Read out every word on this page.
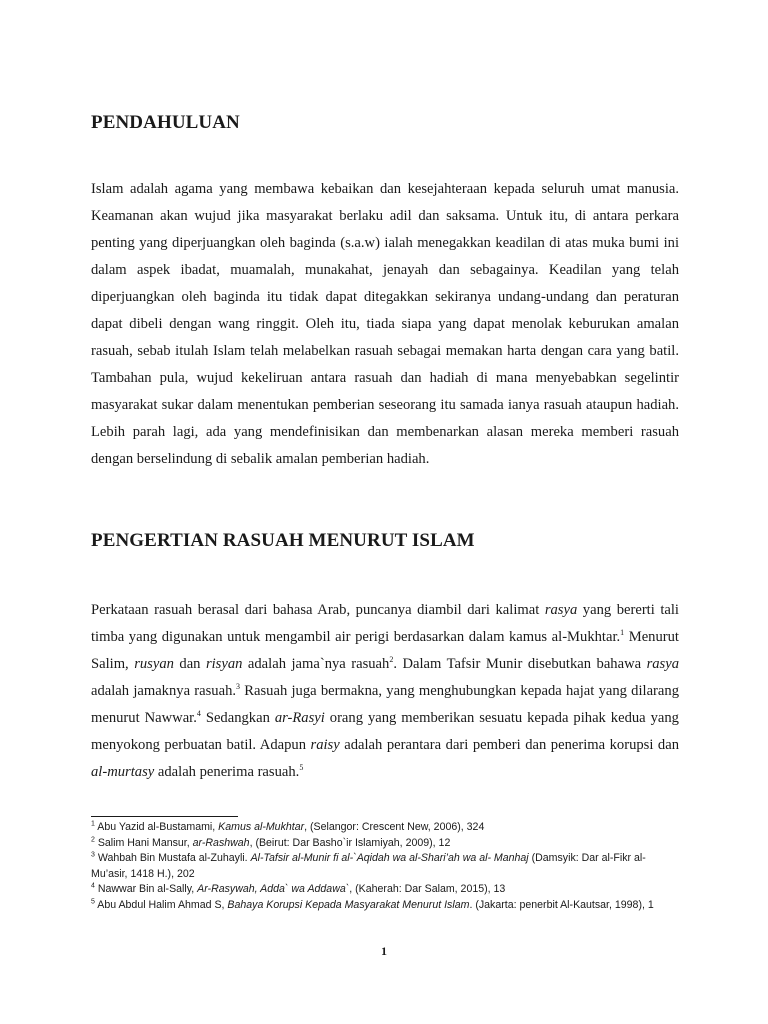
PENDAHULUAN

Islam adalah agama yang membawa kebaikan dan kesejahteraan kepada seluruh umat manusia. Keamanan akan wujud jika masyarakat berlaku adil dan saksama. Untuk itu, di antara perkara penting yang diperjuangkan oleh baginda (s.a.w) ialah menegakkan keadilan di atas muka bumi ini dalam aspek ibadat, muamalah, munakahat, jenayah dan sebagainya. Keadilan yang telah diperjuangkan oleh baginda itu tidak dapat ditegakkan sekiranya undang-undang dan peraturan dapat dibeli dengan wang ringgit. Oleh itu, tiada siapa yang dapat menolak keburukan amalan rasuah, sebab itulah Islam telah melabelkan rasuah sebagai memakan harta dengan cara yang batil. Tambahan pula, wujud kekeliruan antara rasuah dan hadiah di mana menyebabkan segelintir masyarakat sukar dalam menentukan pemberian seseorang itu samada ianya rasuah ataupun hadiah. Lebih parah lagi, ada yang mendefinisikan dan membenarkan alasan mereka memberi rasuah dengan berselindung di sebalik amalan pemberian hadiah.

PENGERTIAN RASUAH MENURUT ISLAM

Perkataan rasuah berasal dari bahasa Arab, puncanya diambil dari kalimat rasya yang bererti tali timba yang digunakan untuk mengambil air perigi berdasarkan dalam kamus al-Mukhtar.$^1$ Menurut Salim, rusyan dan risyan adalah jama`nya rasuah$^2$. Dalam Tafsir Munir disebutkan bahawa rasya adalah jamaknya rasuah.$^3$ Rasuah juga bermakna, yang menghubungkan kepada hajat yang dilarang menurut Nawwar.$^4$ Sedangkan ar-Rasyi orang yang memberikan sesuatu kepada pihak kedua yang menyokong perbuatan batil. Adapun raisy adalah perantara dari pemberi dan penerima korupsi dan al-murtasy adalah penerima rasuah.$^5$

$^1$ Abu Yazid al-Bustamami, Kamus al-Mukhtar, (Selangor: Crescent New, 2006), 324

$^2$ Salim Hani Mansur, ar-Rashwah, (Beirut: Dar Basho`ir Islamiyah, 2009), 12

$^3$ Wahbah Bin Mustafa al-Zuhayli. Al-Tafsir al-Munir fi al-`Aqidah wa al-Shari’ah wa al- Manhaj (Damsyik: Dar al-Fikr al-Mu’asir, 1418 H.), 202

$^4$ Nawwar Bin al-Sally, Ar-Rasywah, Adda` wa Addawa`, (Kaherah: Dar Salam, 2015), 13

$^5$ Abu Abdul Halim Ahmad S, Bahaya Korupsi Kepada Masyarakat Menurut Islam. (Jakarta: penerbit Al-Kautsar, 1998), 1

1
